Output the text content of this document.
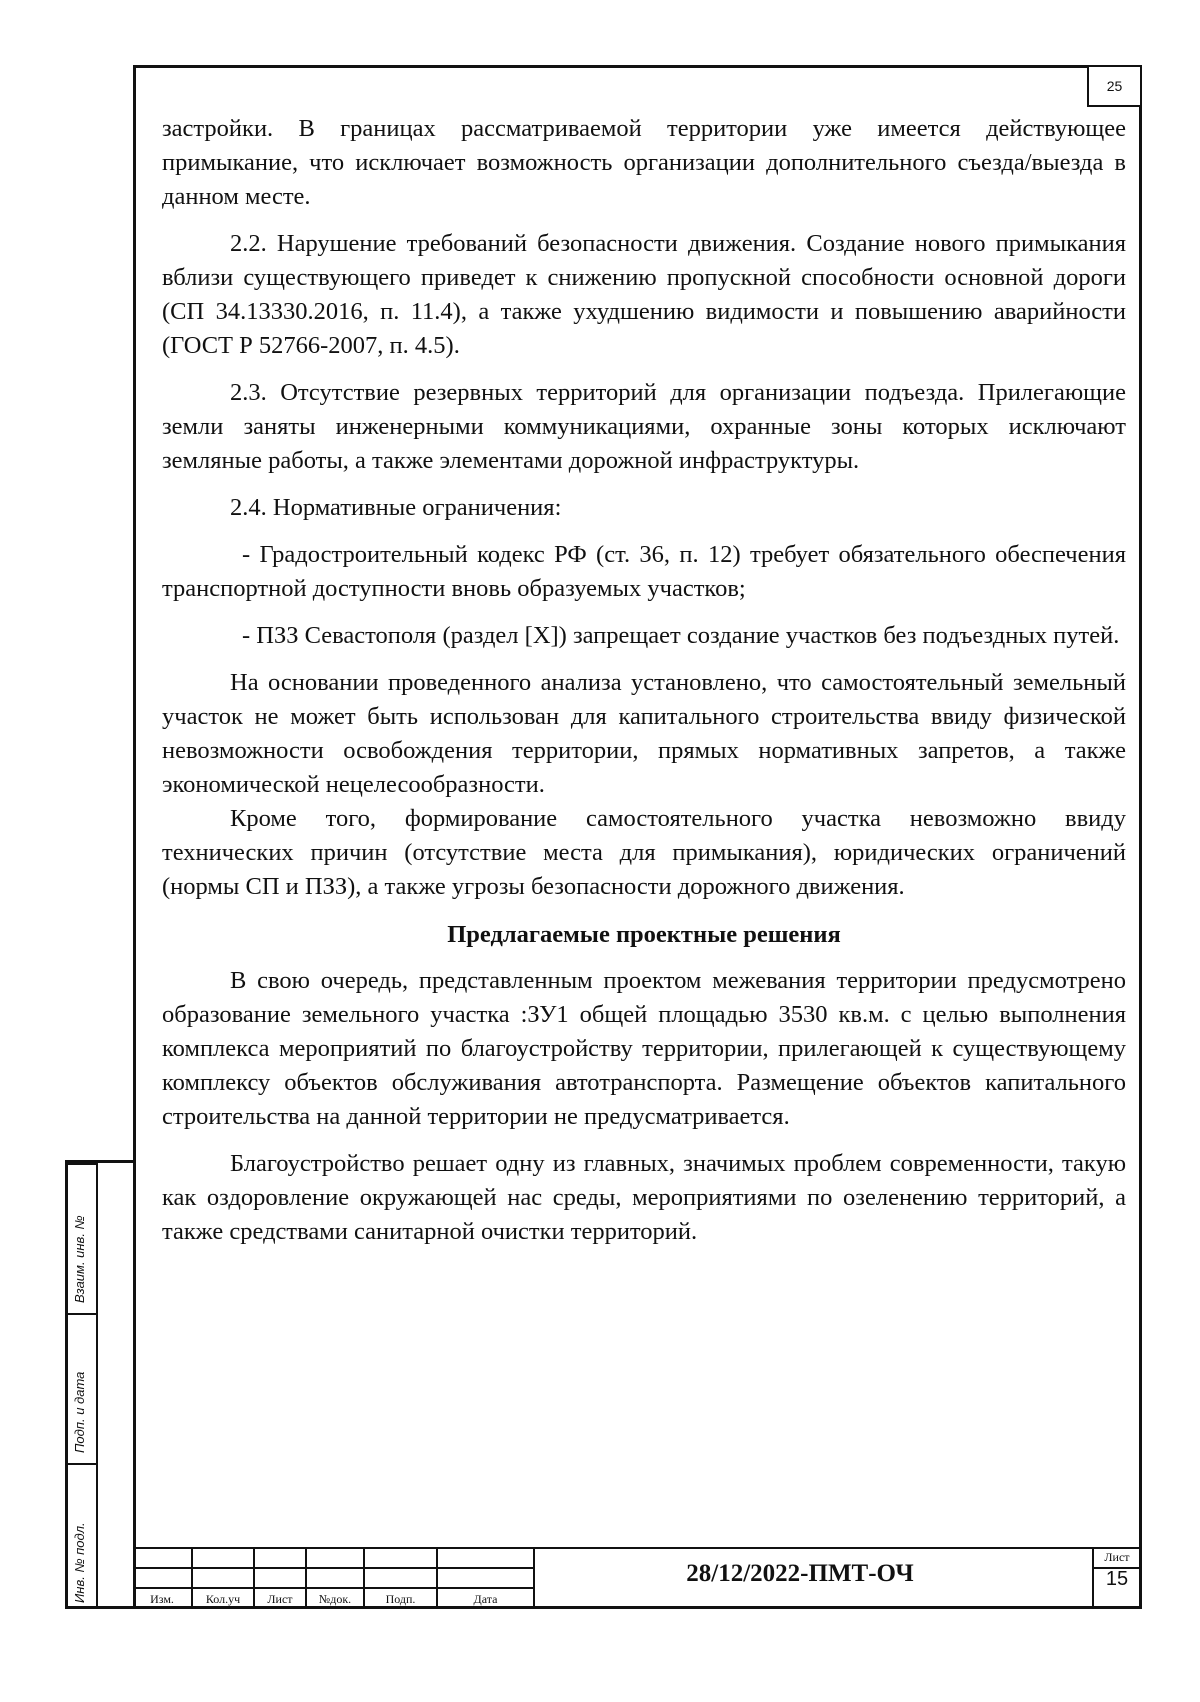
25

застройки. В границах рассматриваемой территории уже имеется действующее примыкание, что исключает возможность организации дополнительного съезда/выезда в данном месте.

2.2. Нарушение требований безопасности движения. Создание нового примыкания вблизи существующего приведет к снижению пропускной способности основной дороги (СП 34.13330.2016, п. 11.4), а также ухудшению видимости и повышению аварийности (ГОСТ Р 52766-2007, п. 4.5).

2.3. Отсутствие резервных территорий для организации подъезда. Прилегающие земли заняты инженерными коммуникациями, охранные зоны которых исключают земляные работы, а также элементами дорожной инфраструктуры.

2.4. Нормативные ограничения:

- Градостроительный кодекс РФ (ст. 36, п. 12) требует обязательного обеспечения транспортной доступности вновь образуемых участков;

- ПЗЗ Севастополя (раздел [X]) запрещает создание участков без подъездных путей.

На основании проведенного анализа установлено, что самостоятельный земельный участок не может быть использован для капитального строительства ввиду физической невозможности освобождения территории, прямых нормативных запретов, а также экономической нецелесообразности.

Кроме того, формирование самостоятельного участка невозможно ввиду технических причин (отсутствие места для примыкания), юридических ограничений (нормы СП и ПЗЗ), а также угрозы безопасности дорожного движения.

Предлагаемые проектные решения

В свою очередь, представленным проектом межевания территории предусмотрено образование земельного участка :ЗУ1 общей площадью 3530 кв.м. с целью выполнения комплекса мероприятий по благоустройству территории, прилегающей к существующему комплексу объектов обслуживания автотранспорта. Размещение объектов капитального строительства на данной территории не предусматривается.

Благоустройство решает одну из главных, значимых проблем современности, такую как оздоровление окружающей нас среды, мероприятиями по озеленению территорий, а также средствами санитарной очистки территорий.

Взаим. инв. №
Подп. и дата
Инв. № подл.	Изм.	Кол.уч	Лист	№док.	Подп.	Дата
28/12/2022-ПМТ-ОЧ
Лист
15
